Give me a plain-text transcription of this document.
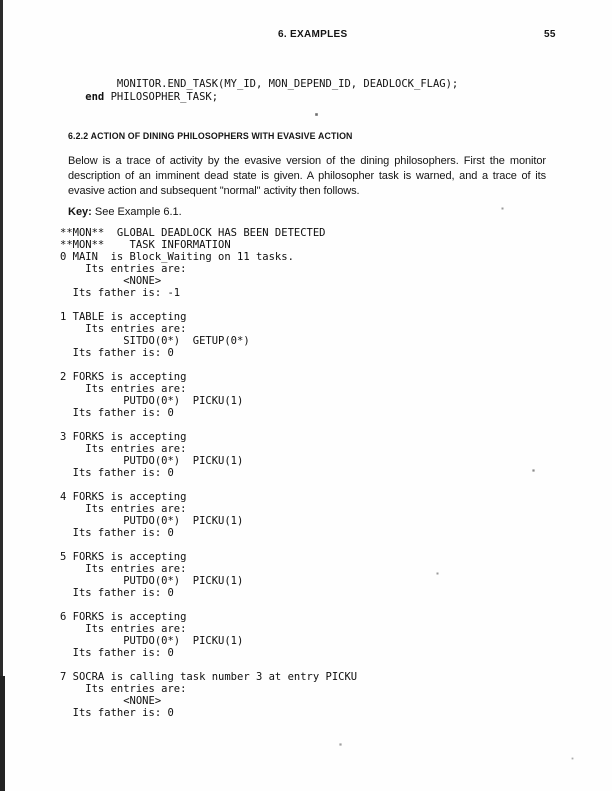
6. EXAMPLES	55
MONITOR.END_TASK(MY_ID, MON_DEPEND_ID, DEADLOCK_FLAG);
end PHILOSOPHER_TASK;
6.2.2 ACTION OF DINING PHILOSOPHERS WITH EVASIVE ACTION
Below is a trace of activity by the evasive version of the dining philosophers. First the monitor description of an imminent dead state is given. A philosopher task is warned, and a trace of its evasive action and subsequent "normal" activity then follows.
Key: See Example 6.1.
**MON**  GLOBAL DEADLOCK HAS BEEN DETECTED
**MON**    TASK INFORMATION
0 MAIN  is Block_Waiting on 11 tasks.
Its entries are:
<NONE>
Its father is: -1

1 TABLE is accepting
Its entries are:
SITDO(0*)  GETUP(0*)
Its father is: 0

2 FORKS is accepting
Its entries are:
PUTDO(0*)  PICKU(1)
Its father is: 0

3 FORKS is accepting
Its entries are:
PUTDO(0*)  PICKU(1)
Its father is: 0

4 FORKS is accepting
Its entries are:
PUTDO(0*)  PICKU(1)
Its father is: 0

5 FORKS is accepting
Its entries are:
PUTDO(0*)  PICKU(1)
Its father is: 0

6 FORKS is accepting
Its entries are:
PUTDO(0*)  PICKU(1)
Its father is: 0

7 SOCRA is calling task number 3 at entry PICKU
Its entries are:
<NONE>
Its father is: 0
